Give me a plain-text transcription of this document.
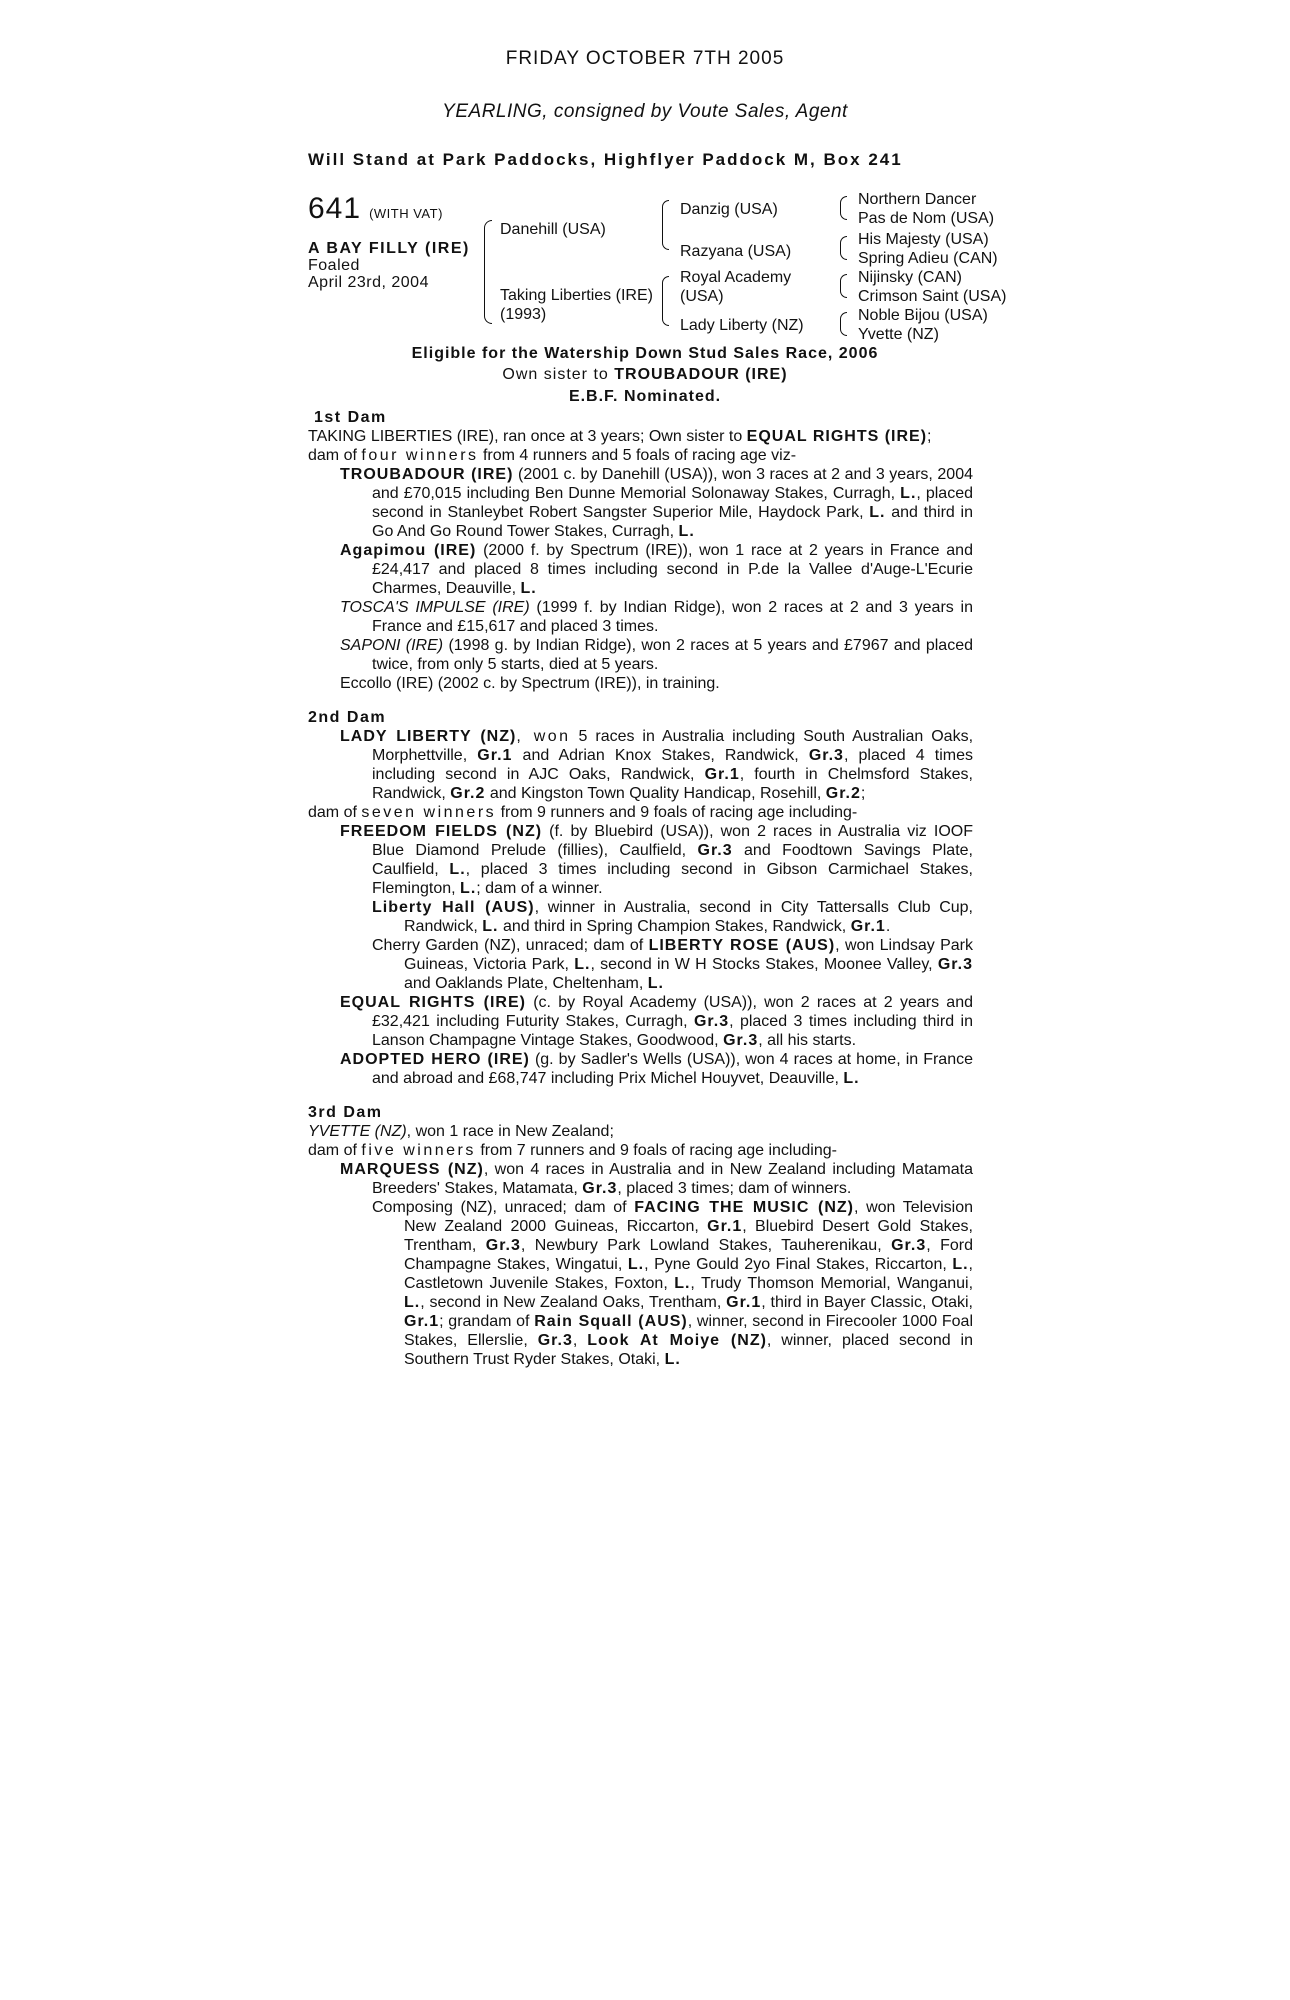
FRIDAY OCTOBER 7TH 2005
YEARLING, consigned by Voute Sales, Agent
Will Stand at Park Paddocks, Highflyer Paddock M, Box 241
641 (WITH VAT)
A BAY FILLY (IRE)
Foaled
April 23rd, 2004
Danehill (USA)
Taking Liberties (IRE)
(1993)
Danzig (USA)
Razyana (USA)
Royal Academy
(USA)
Lady Liberty (NZ)
Northern Dancer
Pas de Nom (USA)
His Majesty (USA)
Spring Adieu (CAN)
Nijinsky (CAN)
Crimson Saint (USA)
Noble Bijou (USA)
Yvette (NZ)
Eligible for the Watership Down Stud Sales Race, 2006
Own sister to TROUBADOUR (IRE)
E.B.F. Nominated.
1st Dam
TAKING LIBERTIES (IRE), ran once at 3 years; Own sister to EQUAL RIGHTS (IRE);
dam of four winners from 4 runners and 5 foals of racing age viz-
TROUBADOUR (IRE) (2001 c. by Danehill (USA)), won 3 races at 2 and 3 years, 2004 and £70,015 including Ben Dunne Memorial Solonaway Stakes, Curragh, L., placed second in Stanleybet Robert Sangster Superior Mile, Haydock Park, L. and third in Go And Go Round Tower Stakes, Curragh, L.
Agapimou (IRE) (2000 f. by Spectrum (IRE)), won 1 race at 2 years in France and £24,417 and placed 8 times including second in P.de la Vallee d'Auge-L'Ecurie Charmes, Deauville, L.
TOSCA'S IMPULSE (IRE) (1999 f. by Indian Ridge), won 2 races at 2 and 3 years in France and £15,617 and placed 3 times.
SAPONI (IRE) (1998 g. by Indian Ridge), won 2 races at 5 years and £7967 and placed twice, from only 5 starts, died at 5 years.
Eccollo (IRE) (2002 c. by Spectrum (IRE)), in training.
2nd Dam
LADY LIBERTY (NZ), won 5 races in Australia including South Australian Oaks, Morphettville, Gr.1 and Adrian Knox Stakes, Randwick, Gr.3, placed 4 times including second in AJC Oaks, Randwick, Gr.1, fourth in Chelmsford Stakes, Randwick, Gr.2 and Kingston Town Quality Handicap, Rosehill, Gr.2;
dam of seven winners from 9 runners and 9 foals of racing age including-
FREEDOM FIELDS (NZ) (f. by Bluebird (USA)), won 2 races in Australia viz IOOF Blue Diamond Prelude (fillies), Caulfield, Gr.3 and Foodtown Savings Plate, Caulfield, L., placed 3 times including second in Gibson Carmichael Stakes, Flemington, L.; dam of a winner.
Liberty Hall (AUS), winner in Australia, second in City Tattersalls Club Cup, Randwick, L. and third in Spring Champion Stakes, Randwick, Gr.1.
Cherry Garden (NZ), unraced; dam of LIBERTY ROSE (AUS), won Lindsay Park Guineas, Victoria Park, L., second in W H Stocks Stakes, Moonee Valley, Gr.3 and Oaklands Plate, Cheltenham, L.
EQUAL RIGHTS (IRE) (c. by Royal Academy (USA)), won 2 races at 2 years and £32,421 including Futurity Stakes, Curragh, Gr.3, placed 3 times including third in Lanson Champagne Vintage Stakes, Goodwood, Gr.3, all his starts.
ADOPTED HERO (IRE) (g. by Sadler's Wells (USA)), won 4 races at home, in France and abroad and £68,747 including Prix Michel Houyvet, Deauville, L.
3rd Dam
YVETTE (NZ), won 1 race in New Zealand;
dam of five winners from 7 runners and 9 foals of racing age including-
MARQUESS (NZ), won 4 races in Australia and in New Zealand including Matamata Breeders' Stakes, Matamata, Gr.3, placed 3 times; dam of winners.
Composing (NZ), unraced; dam of FACING THE MUSIC (NZ), won Television New Zealand 2000 Guineas, Riccarton, Gr.1, Bluebird Desert Gold Stakes, Trentham, Gr.3, Newbury Park Lowland Stakes, Tauherenikau, Gr.3, Ford Champagne Stakes, Wingatui, L., Pyne Gould 2yo Final Stakes, Riccarton, L., Castletown Juvenile Stakes, Foxton, L., Trudy Thomson Memorial, Wanganui, L., second in New Zealand Oaks, Trentham, Gr.1, third in Bayer Classic, Otaki, Gr.1; grandam of Rain Squall (AUS), winner, second in Firecooler 1000 Foal Stakes, Ellerslie, Gr.3, Look At Moiye (NZ), winner, placed second in Southern Trust Ryder Stakes, Otaki, L.
